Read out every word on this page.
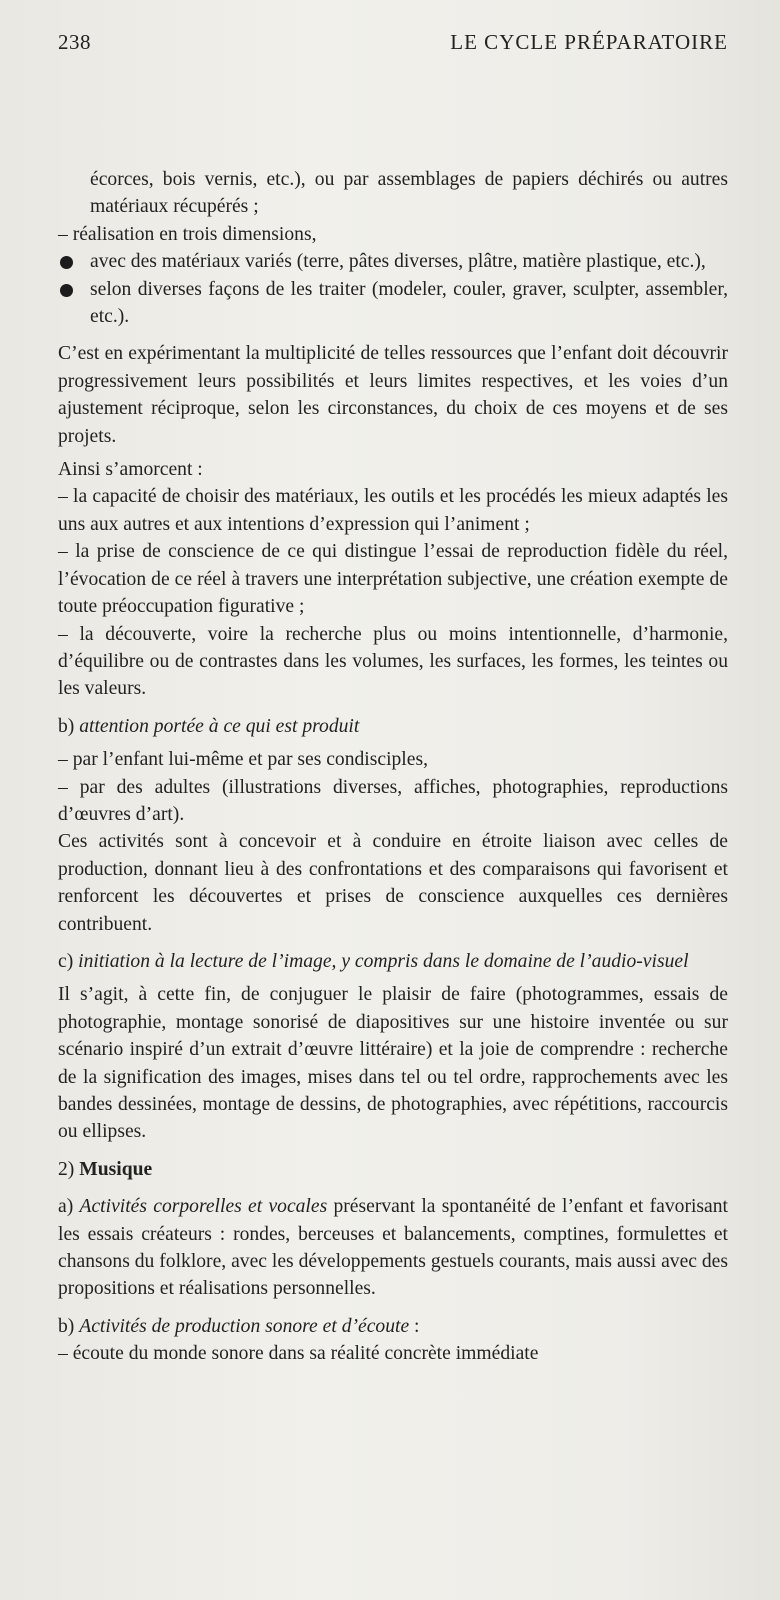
238	LE CYCLE PRÉPARATOIRE

écorces, bois vernis, etc.), ou par assemblages de papiers déchirés ou autres matériaux récupérés ;

– réalisation en trois dimensions,

avec des matériaux variés (terre, pâtes diverses, plâtre, matière plastique, etc.),
selon diverses façons de les traiter (modeler, couler, graver, sculpter, assembler, etc.).

C’est en expérimentant la multiplicité de telles ressources que l’enfant doit découvrir progressivement leurs possibilités et leurs limites respectives, et les voies d’un ajustement réciproque, selon les circonstances, du choix de ces moyens et de ses projets.

Ainsi s’amorcent :

– la capacité de choisir des matériaux, les outils et les procédés les mieux adaptés les uns aux autres et aux intentions d’expression qui l’animent ;

– la prise de conscience de ce qui distingue l’essai de reproduction fidèle du réel, l’évocation de ce réel à travers une interprétation subjective, une création exempte de toute préoccupation figurative ;

– la découverte, voire la recherche plus ou moins intentionnelle, d’harmonie, d’équilibre ou de contrastes dans les volumes, les surfaces, les formes, les teintes ou les valeurs.

b) attention portée à ce qui est produit

– par l’enfant lui-même et par ses condisciples,

– par des adultes (illustrations diverses, affiches, photographies, reproductions d’œuvres d’art).

Ces activités sont à concevoir et à conduire en étroite liaison avec celles de production, donnant lieu à des confrontations et des comparaisons qui favorisent et renforcent les découvertes et prises de conscience auxquelles ces dernières contribuent.

c) initiation à la lecture de l’image, y compris dans le domaine de l’audio-visuel

Il s’agit, à cette fin, de conjuguer le plaisir de faire (photogrammes, essais de photographie, montage sonorisé de diapositives sur une histoire inventée ou sur scénario inspiré d’un extrait d’œuvre littéraire) et la joie de comprendre : recherche de la signification des images, mises dans tel ou tel ordre, rapprochements avec les bandes dessinées, montage de dessins, de photographies, avec répétitions, raccourcis ou ellipses.

2) Musique

a) Activités corporelles et vocales préservant la spontanéité de l’enfant et favorisant les essais créateurs : rondes, berceuses et balancements, comptines, formulettes et chansons du folklore, avec les développements gestuels courants, mais aussi avec des propositions et réalisations personnelles.

b) Activités de production sonore et d’écoute :

– écoute du monde sonore dans sa réalité concrète immédiate
